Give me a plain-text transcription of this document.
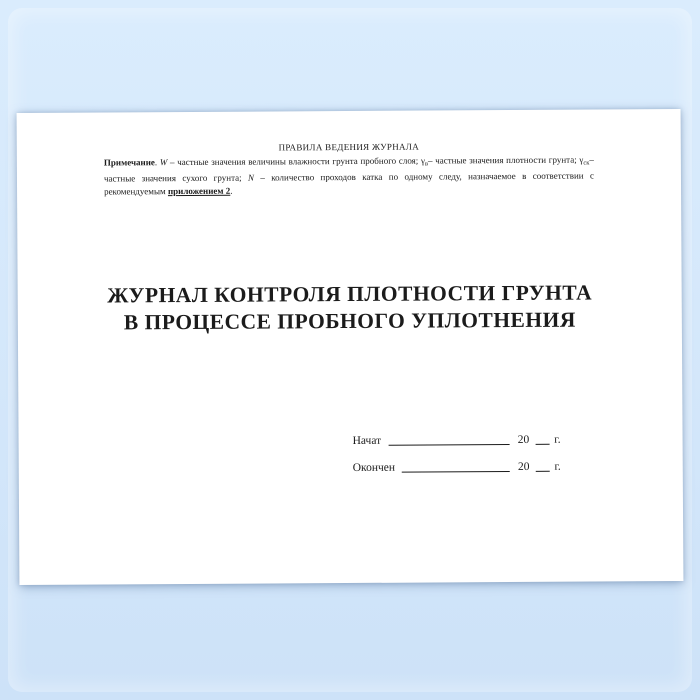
ПРАВИЛА ВЕДЕНИЯ ЖУРНАЛА
Примечание. W – частные значения величины влажности грунта пробного слоя; $\gamma_в-$ частные значения плотности грунта; $\gamma_{ск}-$ частные значения сухого грунта; N – количество проходов катка по одному следу, назначаемое в соответствии с рекомендуемым приложением 2.
ЖУРНАЛ КОНТРОЛЯ ПЛОТНОСТИ ГРУНТА
В ПРОЦЕССЕ ПРОБНОГО УПЛОТНЕНИЯ
Начат	20 г.
Окончен	20 г.
